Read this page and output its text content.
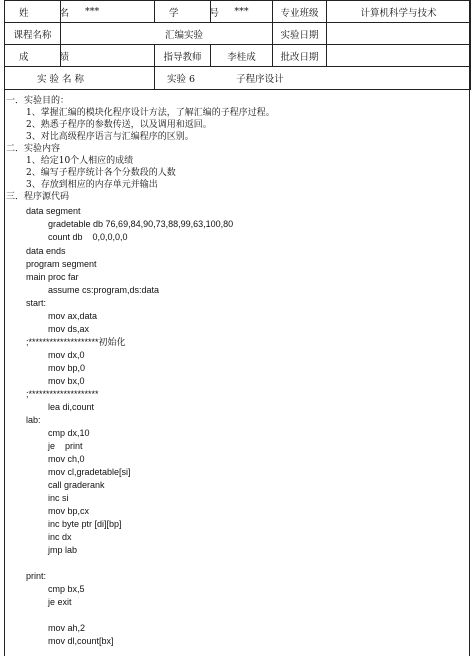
姓 名	***	学 号	***	专业班级	计算机科学与技术
课程名称	汇编实验			实验日期	
成 绩		指导教师	李桂成	批改日期	
实 验 名 称		实验 6 子程序设计			
一．实验目的：
1、掌握汇编的模块化程序设计方法，了解汇编的子程序过程。
2、熟悉子程序的参数传送，以及调用和返回。
3、对比高级程序语言与汇编程序的区别。
二．实验内容
1、给定10个人相应的成绩
2、编写子程序统计各个分数段的人数
3、存放到相应的内存单元并输出
三．程序源代码
data segment
gradetable db 76,69,84,90,73,88,99,63,100,80
count db    0,0,0,0,0
data ends
program segment
main proc far
assume cs:program,ds:data
start:
mov ax,data
mov ds,ax
;********************初始化
mov dx,0
mov bp,0
mov bx,0
;********************
lea di,count
lab:
cmp dx,10
je    print
mov ch,0
mov cl,gradetable[si]
call graderank
inc si
mov bp,cx
inc byte ptr [di][bp]
inc dx
jmp lab
print:
cmp bx,5
je exit
mov ah,2
mov dl,count[bx]
